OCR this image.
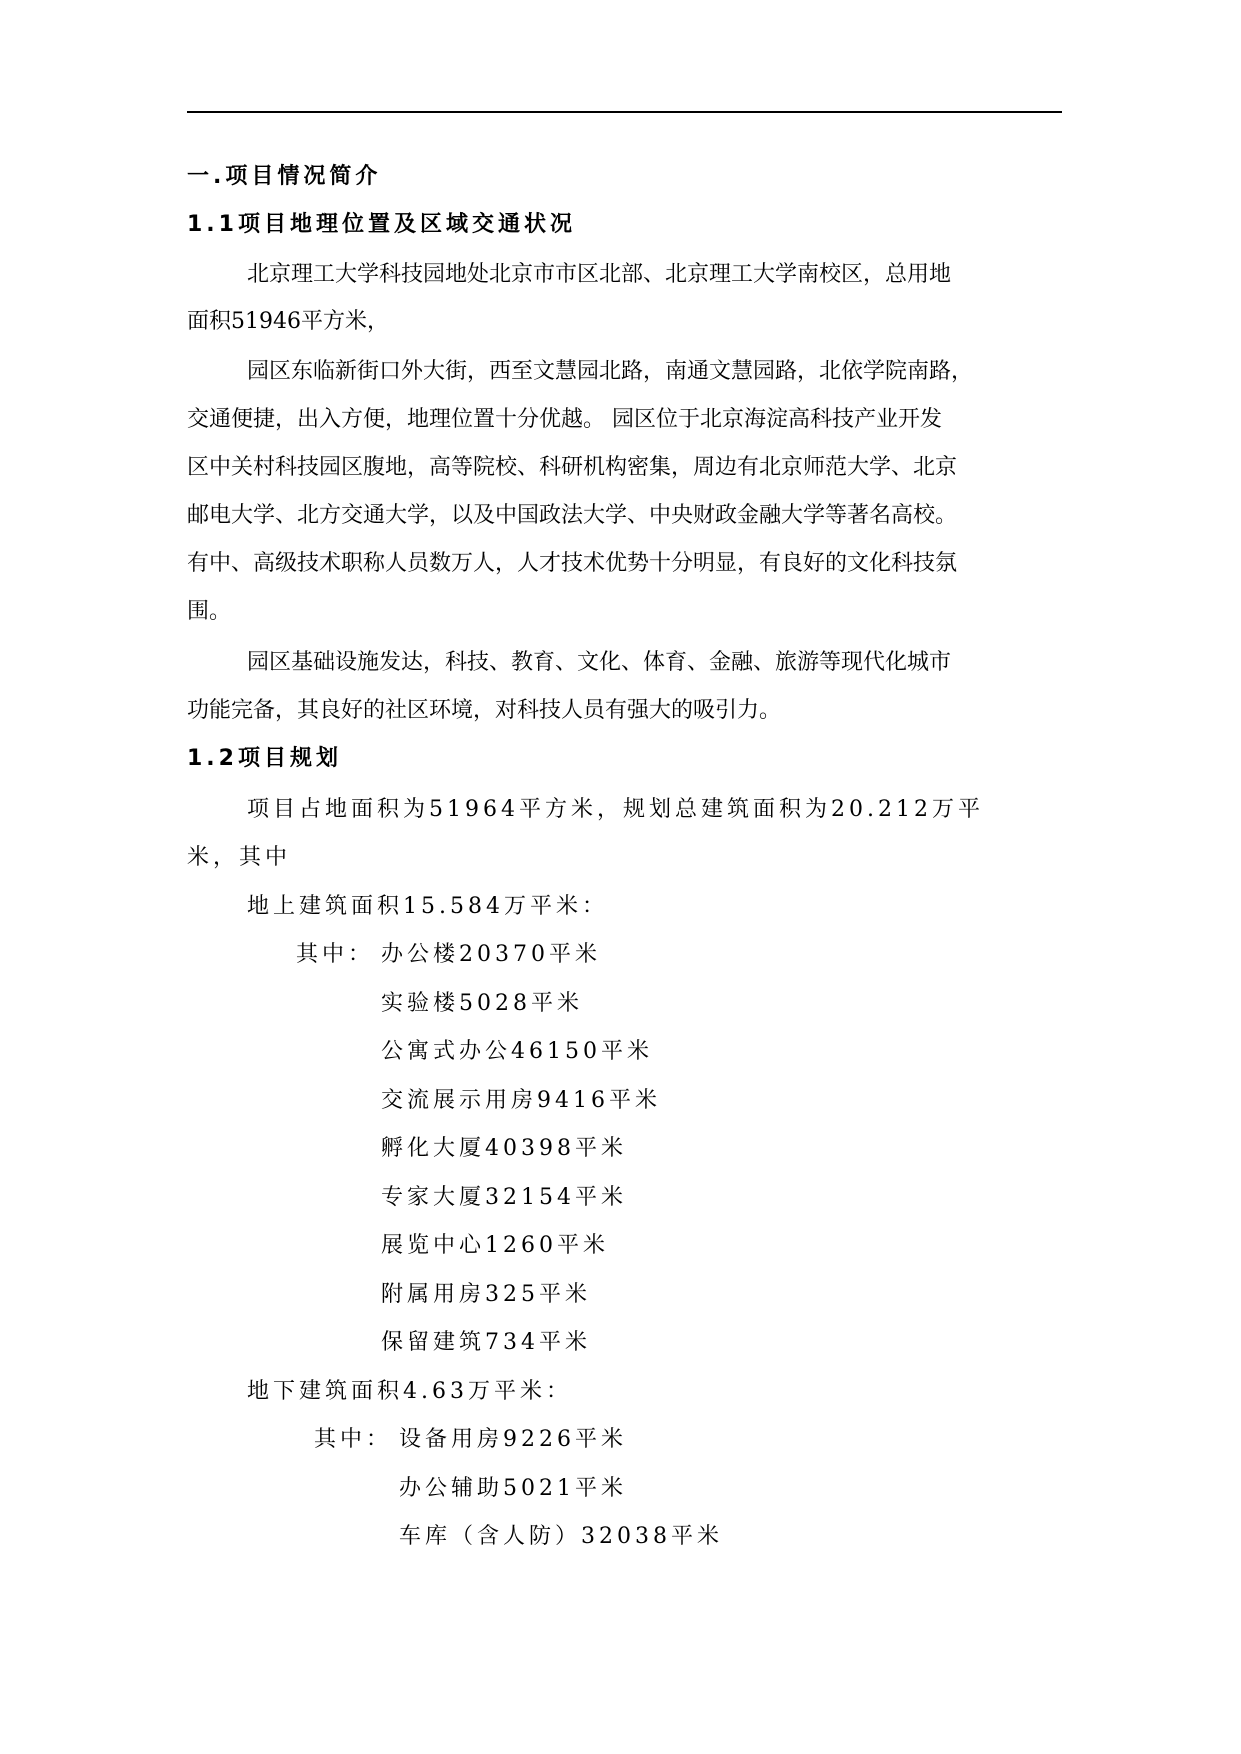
一.项目情况简介
1.1项目地理位置及区域交通状况
北京理工大学科技园地处北京市市区北部、北京理工大学南校区，总用地
面积51946平方米，
园区东临新街口外大街，西至文慧园北路，南通文慧园路，北依学院南路，
交通便捷，出入方便，地理位置十分优越。 园区位于北京海淀高科技产业开发
区中关村科技园区腹地，高等院校、科研机构密集，周边有北京师范大学、北京
邮电大学、北方交通大学，以及中国政法大学、中央财政金融大学等著名高校。
有中、高级技术职称人员数万人，人才技术优势十分明显，有良好的文化科技氛
围。
园区基础设施发达，科技、教育、文化、体育、金融、旅游等现代化城市
功能完备，其良好的社区环境，对科技人员有强大的吸引力。
1.2项目规划
项目占地面积为51964平方米，规划总建筑面积为20.212万平
米，其中
地上建筑面积15.584万平米：
其中： 办公楼20370平米
实验楼5028平米
公寓式办公46150平米
交流展示用房9416平米
孵化大厦40398平米
专家大厦32154平米
展览中心1260平米
附属用房325平米
保留建筑734平米
地下建筑面积4.63万平米：
其中： 设备用房9226平米
办公辅助5021平米
车库（含人防）32038平米
